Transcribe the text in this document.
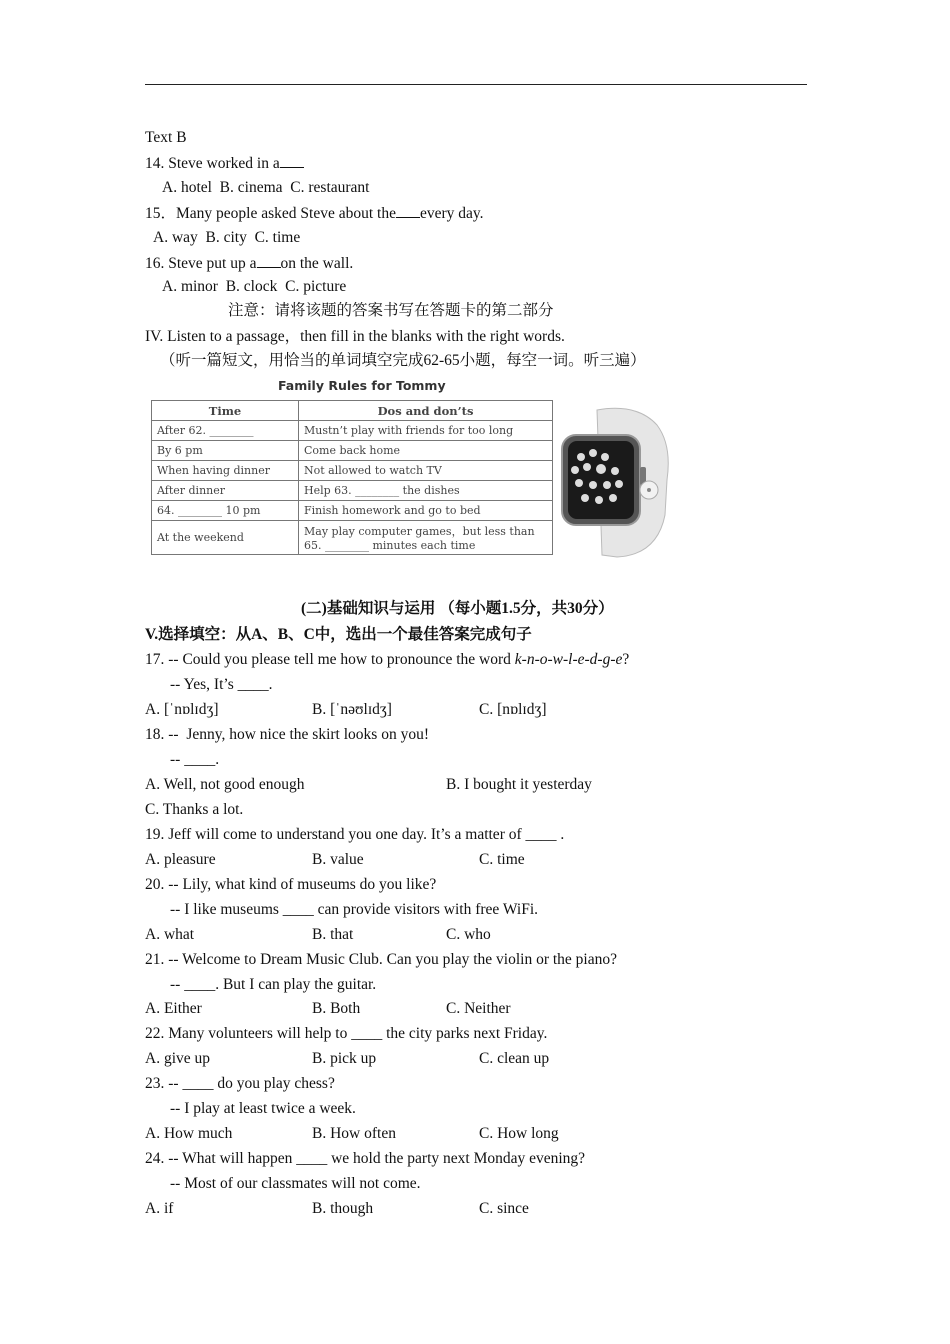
Text B
14. Steve worked in a
A. hotel  B. cinema  C. restaurant
15．Many people asked Steve about the every day.
A. way  B. city  C. time
16. Steve put up a on the wall.
A. minor  B. clock  C. picture
注意：请将该题的答案书写在答题卡的第二部分
IV. Listen to a passage，then fill in the blanks with the right words.
（听一篇短文，用恰当的单词填空完成62-65小题，每空一词。听三遍）
Family Rules for Tommy
Time	Dos and don’ts
After 62. ________	Mustn’t play with friends for too long
By 6 pm	Come back home
When having dinner	Not allowed to watch TV
After dinner	Help 63. ________ the dishes
64. ________ 10 pm	Finish homework and go to bed
At the weekend	May play computer games，but less than 65. ________ minutes each time
(二)基础知识与运用 （每小题1.5分，共30分）
V.选择填空：从A、B、C中，选出一个最佳答案完成句子
17. -- Could you please tell me how to pronounce the word k-n-o-w-l-e-d-g-e?
-- Yes, It’s ____.
A. [ˈnɒlɪdʒ]	B. [ˈnəʊlɪdʒ]	C. [nɒlɪdʒ]
18. --  Jenny, how nice the skirt looks on you!
-- ____.
A. Well, not good enough	B. I bought it yesterday
C. Thanks a lot.
19. Jeff will come to understand you one day. It’s a matter of ____ .
A. pleasure	B. value	C. time
20. -- Lily, what kind of museums do you like?
-- I like museums ____ can provide visitors with free WiFi.
A. what	B. that	C. who
21. -- Welcome to Dream Music Club. Can you play the violin or the piano?
-- ____. But I can play the guitar.
A. Either	B. Both	C. Neither
22. Many volunteers will help to ____ the city parks next Friday.
A. give up	B. pick up	C. clean up
23. -- ____ do you play chess?
-- I play at least twice a week.
A. How much	B. How often	C. How long
24. -- What will happen ____ we hold the party next Monday evening?
-- Most of our classmates will not come.
A. if	B. though	C. since
